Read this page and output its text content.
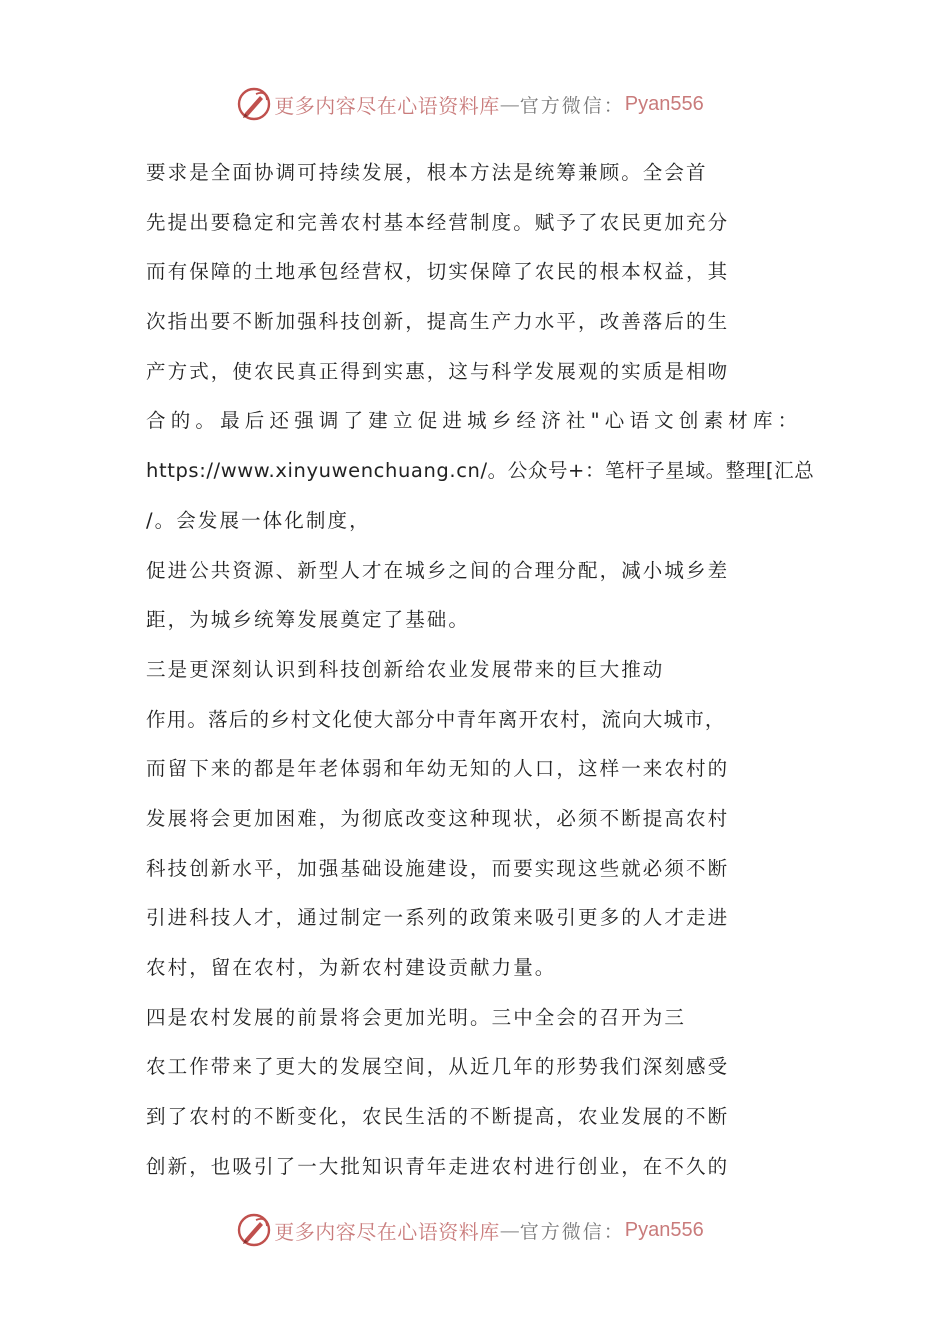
更多内容尽在心语资料库 — 官方微信： Pyan556
要求是全面协调可持续发展，根本方法是统筹兼顾。全会首
先提出要稳定和完善农村基本经营制度。赋予了农民更加充分
而有保障的土地承包经营权，切实保障了农民的根本权益，其
次指出要不断加强科技创新，提高生产力水平，改善落后的生
产方式，使农民真正得到实惠，这与科学发展观的实质是相吻
合的。最后还强调了建立促进城乡经济社"心语文创素材库：
https://www.xinyuwenchuang.cn/。公众号+：笔杆子星域。整理[汇总
/。会发展一体化制度，
促进公共资源、新型人才在城乡之间的合理分配，减小城乡差
距，为城乡统筹发展奠定了基础。
三是更深刻认识到科技创新给农业发展带来的巨大推动
作用。落后的乡村文化使大部分中青年离开农村，流向大城市，
而留下来的都是年老体弱和年幼无知的人口，这样一来农村的
发展将会更加困难，为彻底改变这种现状，必须不断提高农村
科技创新水平，加强基础设施建设，而要实现这些就必须不断
引进科技人才，通过制定一系列的政策来吸引更多的人才走进
农村，留在农村，为新农村建设贡献力量。
四是农村发展的前景将会更加光明。三中全会的召开为三
农工作带来了更大的发展空间，从近几年的形势我们深刻感受
到了农村的不断变化，农民生活的不断提高，农业发展的不断
创新，也吸引了一大批知识青年走进农村进行创业，在不久的
更多内容尽在心语资料库 — 官方微信： Pyan556
